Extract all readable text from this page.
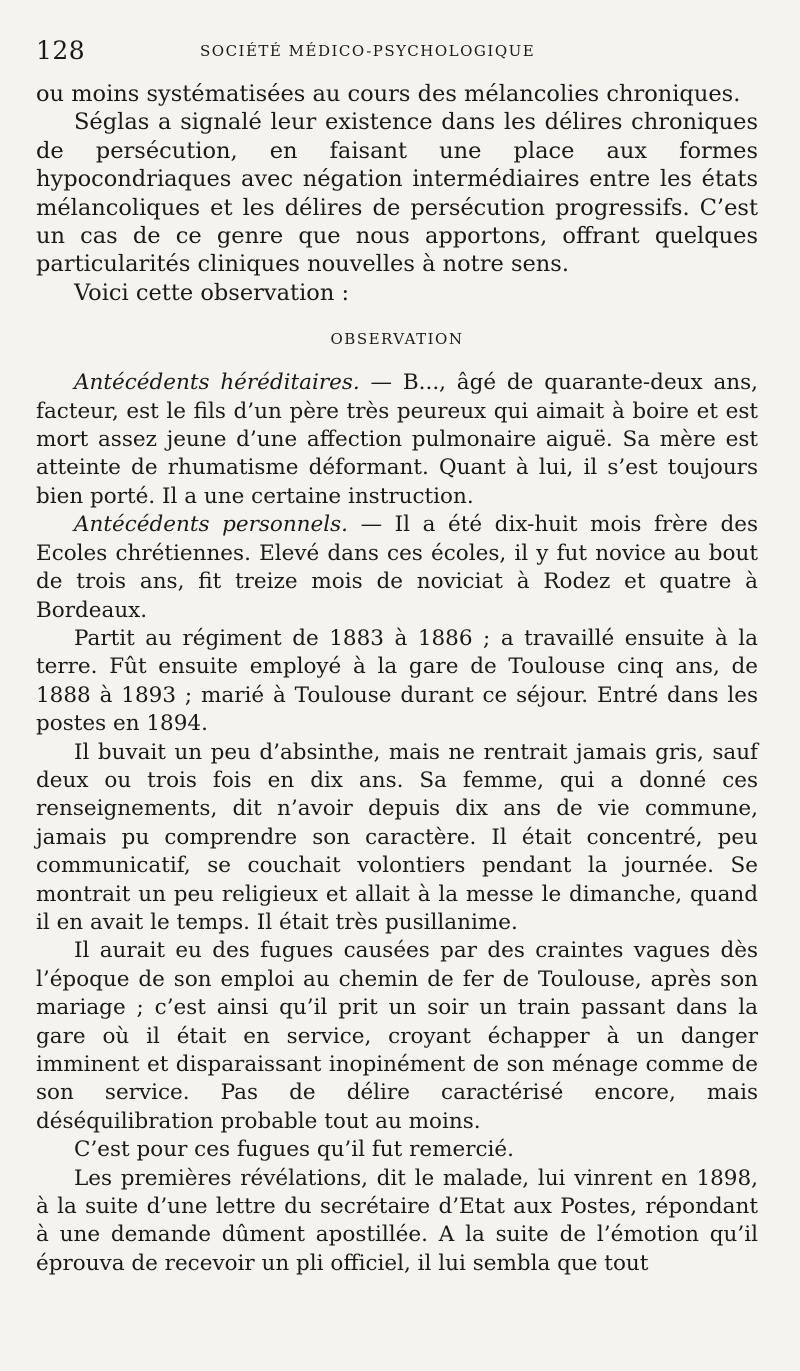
128	SOCIÉTÉ MÉDICO-PSYCHOLOGIQUE

ou moins systématisées au cours des mélancolies chroniques.

Séglas a signalé leur existence dans les délires chroniques de persécution, en faisant une place aux formes hypocondriaques avec négation intermédiaires entre les états mélancoliques et les délires de persécution progressifs. C’est un cas de ce genre que nous apportons, offrant quelques particularités cliniques nouvelles à notre sens.

Voici cette observation :

OBSERVATION

Antécédents héréditaires. — B..., âgé de quarante-deux ans, facteur, est le fils d’un père très peureux qui aimait à boire et est mort assez jeune d’une affection pulmonaire aiguë. Sa mère est atteinte de rhumatisme déformant. Quant à lui, il s’est toujours bien porté. Il a une certaine instruction.

Antécédents personnels. — Il a été dix-huit mois frère des Ecoles chrétiennes. Elevé dans ces écoles, il y fut novice au bout de trois ans, fit treize mois de noviciat à Rodez et quatre à Bordeaux.

Partit au régiment de 1883 à 1886 ; a travaillé ensuite à la terre. Fût ensuite employé à la gare de Toulouse cinq ans, de 1888 à 1893 ; marié à Toulouse durant ce séjour. Entré dans les postes en 1894.

Il buvait un peu d’absinthe, mais ne rentrait jamais gris, sauf deux ou trois fois en dix ans. Sa femme, qui a donné ces renseignements, dit n’avoir depuis dix ans de vie commune, jamais pu comprendre son caractère. Il était concentré, peu communicatif, se couchait volontiers pendant la journée. Se montrait un peu religieux et allait à la messe le dimanche, quand il en avait le temps. Il était très pusillanime.

Il aurait eu des fugues causées par des craintes vagues dès l’époque de son emploi au chemin de fer de Toulouse, après son mariage ; c’est ainsi qu’il prit un soir un train passant dans la gare où il était en service, croyant échapper à un danger imminent et disparaissant inopinément de son ménage comme de son service. Pas de délire caractérisé encore, mais déséquilibration probable tout au moins.

C’est pour ces fugues qu’il fut remercié.

Les premières révélations, dit le malade, lui vinrent en 1898, à la suite d’une lettre du secrétaire d’Etat aux Postes, répondant à une demande dûment apostillée. A la suite de l’émotion qu’il éprouva de recevoir un pli officiel, il lui sembla que tout
